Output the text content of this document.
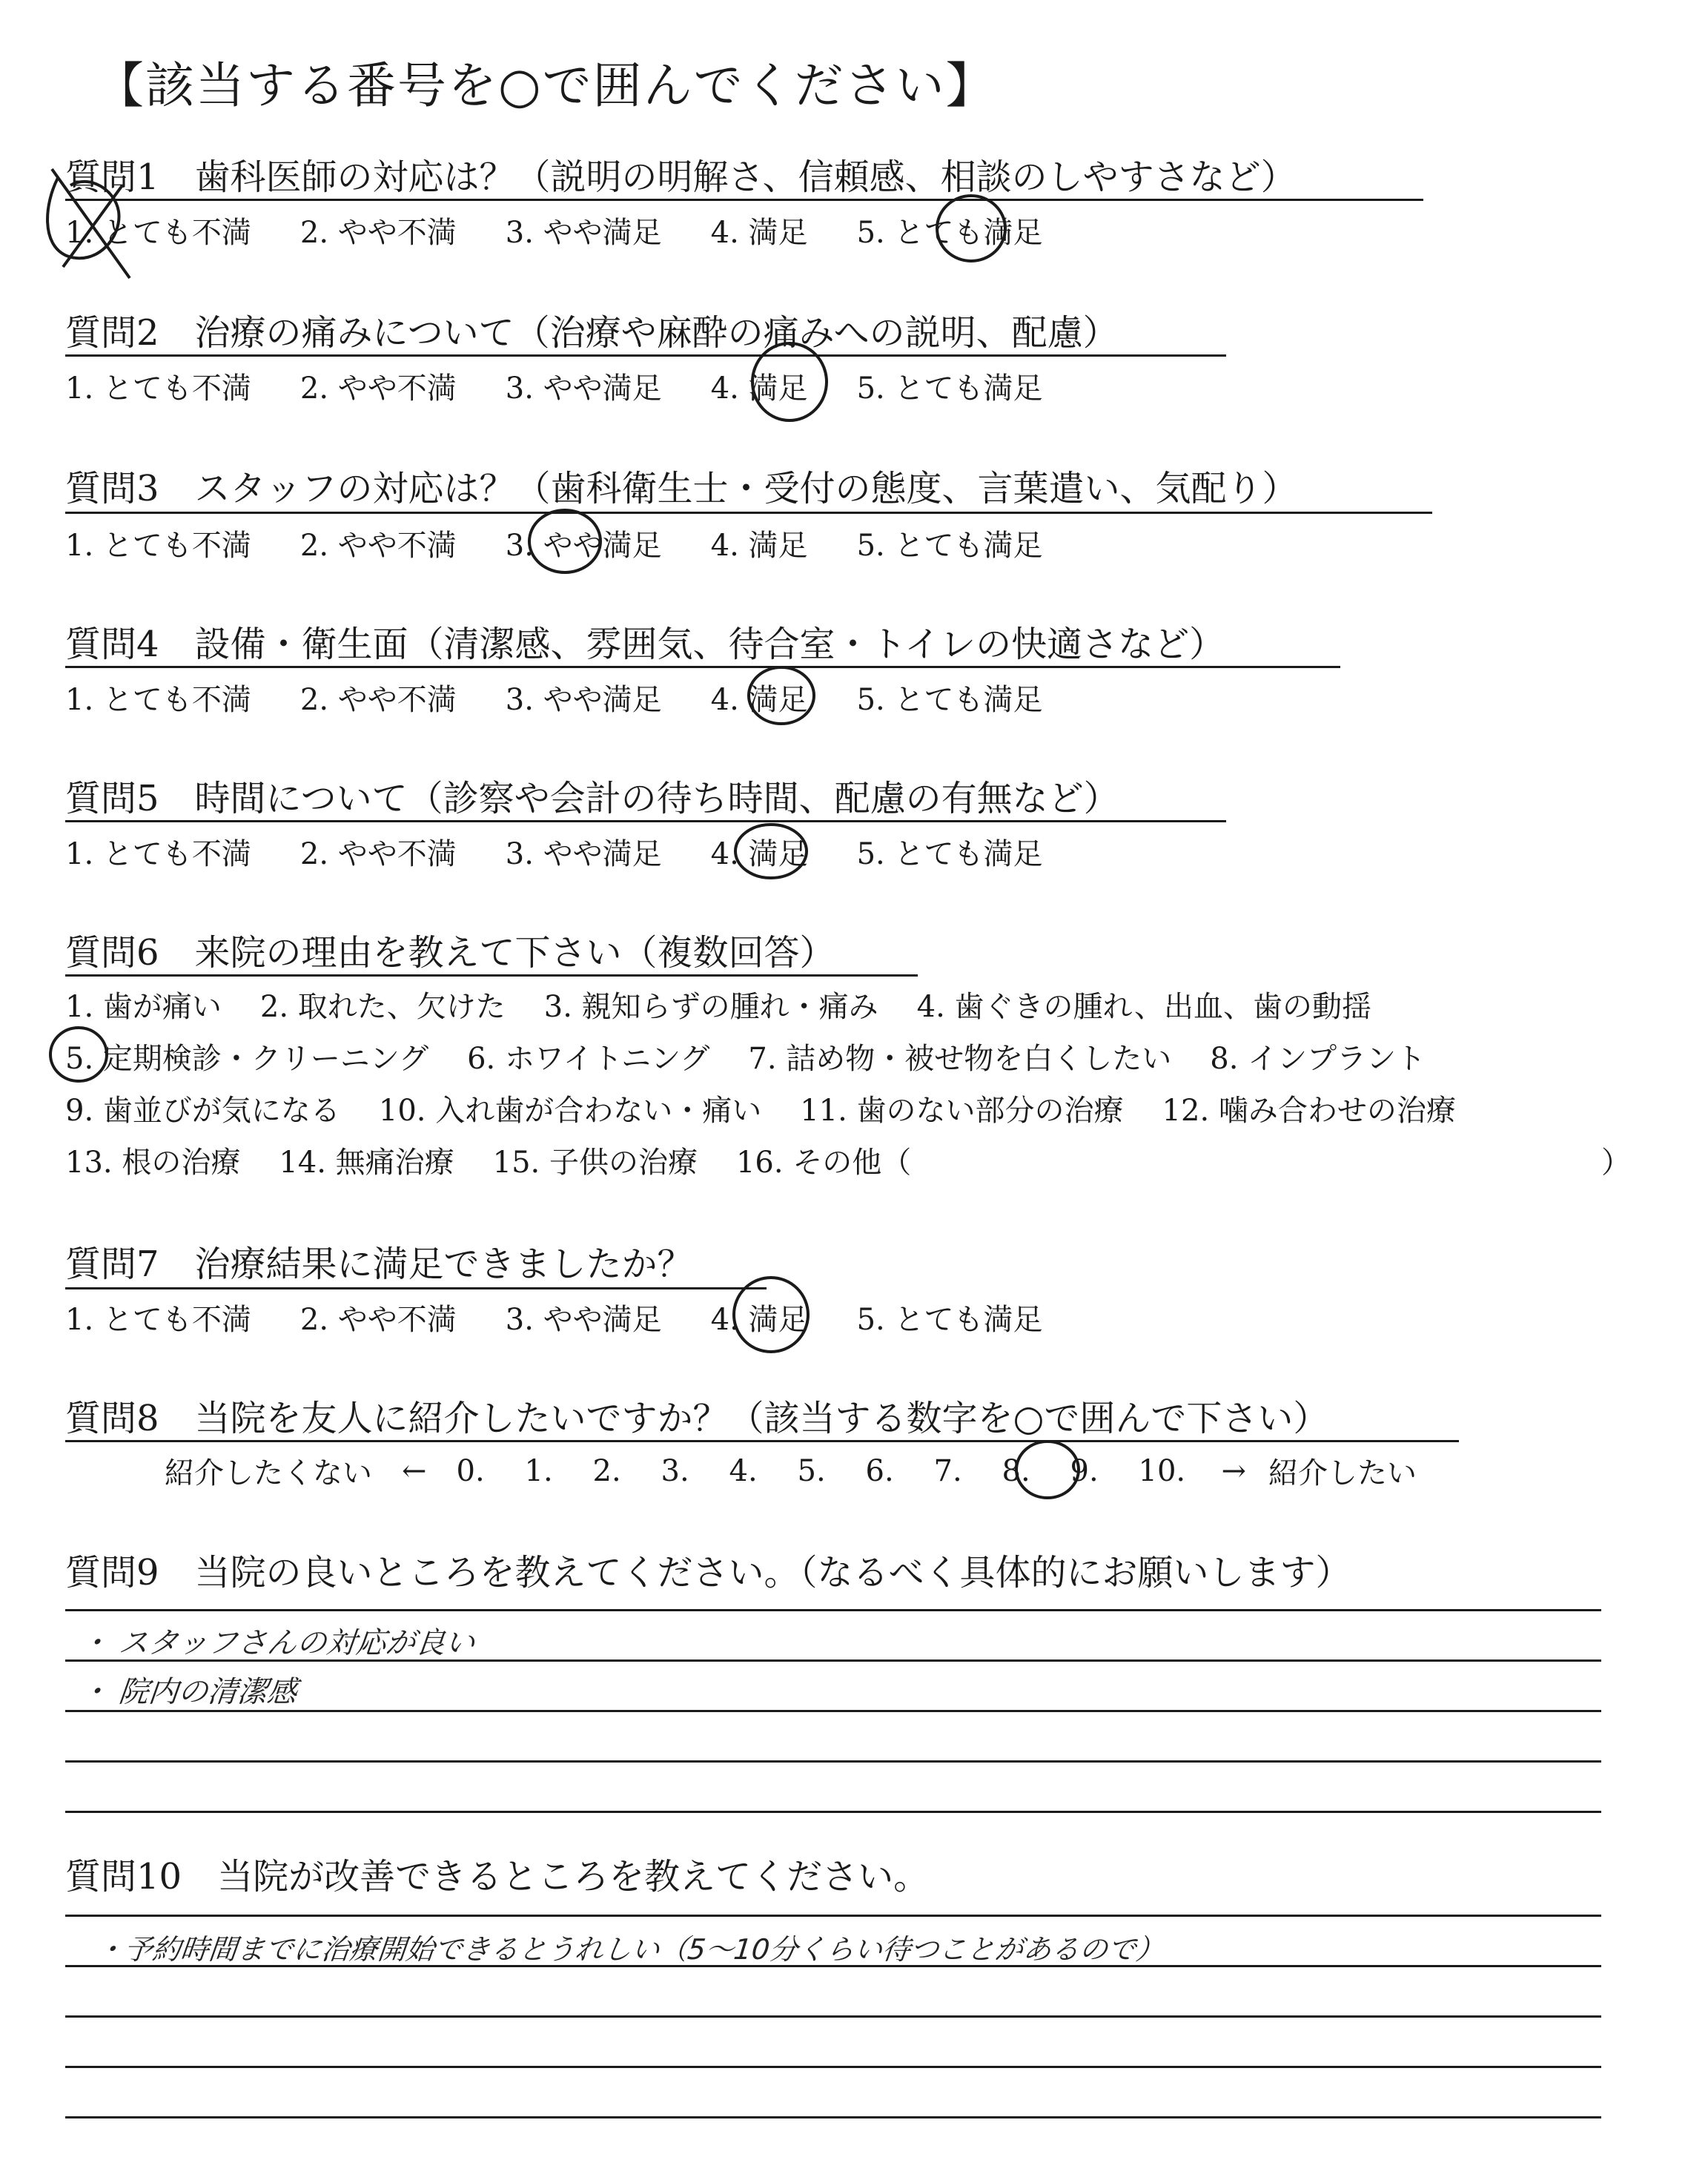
【該当する番号を○で囲んでください】
質問1　歯科医師の対応は？（説明の明解さ、信頼感、相談のしやすさなど）
1. とても不満 2. やや不満 3. やや満足 4. 満足 5. とても満足
質問2　治療の痛みについて（治療や麻酔の痛みへの説明、配慮）
1. とても不満 2. やや不満 3. やや満足 4. 満足 5. とても満足
質問3　スタッフの対応は？（歯科衛生士・受付の態度、言葉遣い、気配り）
1. とても不満 2. やや不満 3. やや満足 4. 満足 5. とても満足
質問4　設備・衛生面（清潔感、雰囲気、待合室・トイレの快適さなど）
1. とても不満 2. やや不満 3. やや満足 4. 満足 5. とても満足
質問5　時間について（診察や会計の待ち時間、配慮の有無など）
1. とても不満 2. やや不満 3. やや満足 4. 満足 5. とても満足
質問6　来院の理由を教えて下さい（複数回答）
1. 歯が痛い 2. 取れた、欠けた 3. 親知らずの腫れ・痛み 4. 歯ぐきの腫れ、出血、歯の動揺
5. 定期検診・クリーニング 6. ホワイトニング 7. 詰め物・被せ物を白くしたい 8. インプラント
9. 歯並びが気になる 10. 入れ歯が合わない・痛い 11. 歯のない部分の治療 12. 噛み合わせの治療
13. 根の治療 14. 無痛治療 15. 子供の治療 16. その他（	）
質問7　治療結果に満足できましたか？
1. とても不満 2. やや不満 3. やや満足 4. 満足 5. とても満足
質問8　当院を友人に紹介したいですか？（該当する数字を○で囲んで下さい）
紹介したくない ← 0.	1.	2.	3.	4.	5.	6.	7.	8.	9.	10.	→ 紹介したい
質問9　当院の良いところを教えてください。（なるべく具体的にお願いします）
・ スタッフさんの対応が良い
・ 院内の清潔感
質問10　当院が改善できるところを教えてください。
・予約時間までに治療開始できるとうれしい（5〜10分くらい待つことがあるので）
